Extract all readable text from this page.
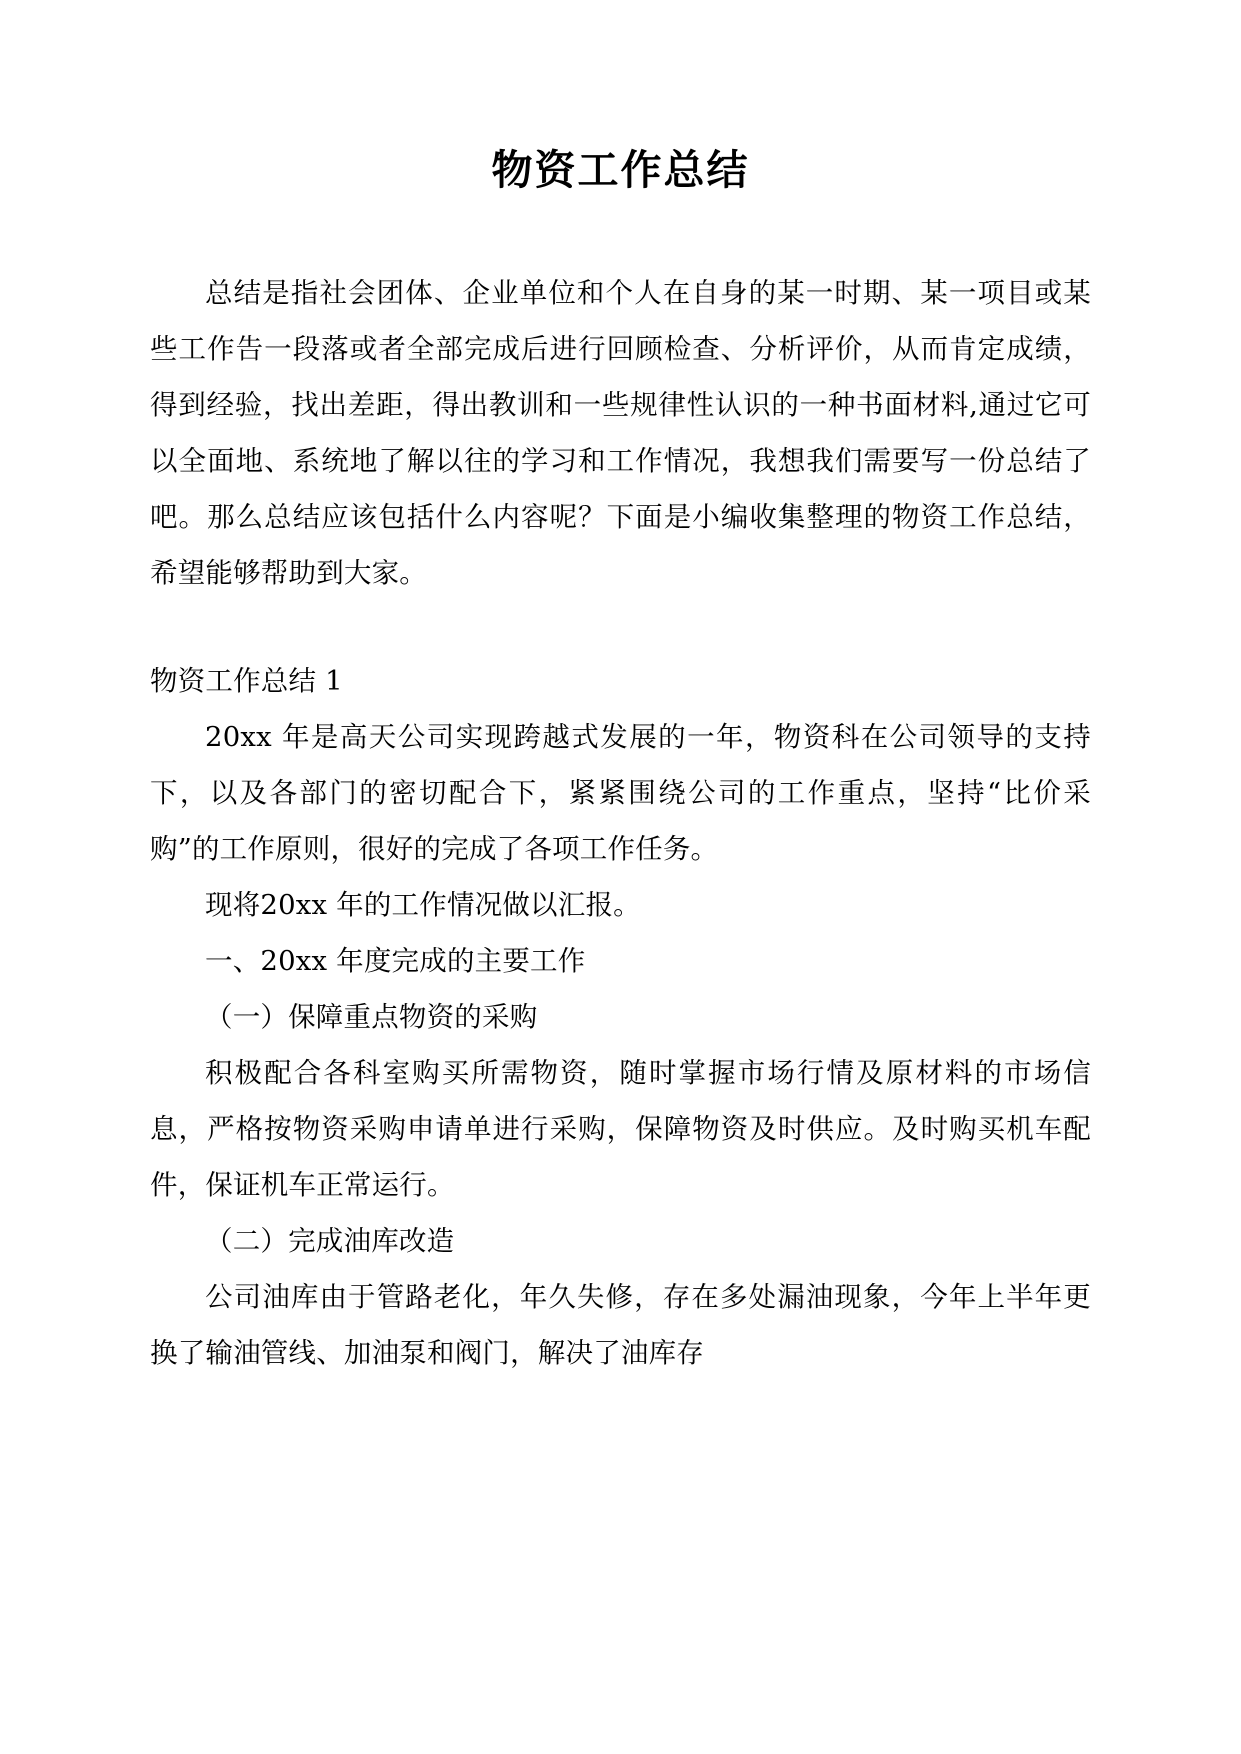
物资工作总结

总结是指社会团体、企业单位和个人在自身的某一时期、某一项目或某些工作告一段落或者全部完成后进行回顾检查、分析评价，从而肯定成绩，得到经验，找出差距，得出教训和一些规律性认识的一种书面材料,通过它可以全面地、系统地了解以往的学习和工作情况，我想我们需要写一份总结了吧。那么总结应该包括什么内容呢？下面是小编收集整理的物资工作总结，希望能够帮助到大家。

物资工作总结 1

20xx 年是高天公司实现跨越式发展的一年，物资科在公司领导的支持下，以及各部门的密切配合下，紧紧围绕公司的工作重点，坚持“比价采购”的工作原则，很好的完成了各项工作任务。

现将20xx 年的工作情况做以汇报。

一、20xx 年度完成的主要工作

（一）保障重点物资的采购

积极配合各科室购买所需物资，随时掌握市场行情及原材料的市场信息，严格按物资采购申请单进行采购，保障物资及时供应。及时购买机车配件，保证机车正常运行。

（二）完成油库改造

公司油库由于管路老化，年久失修，存在多处漏油现象，今年上半年更换了输油管线、加油泵和阀门，解决了油库存
